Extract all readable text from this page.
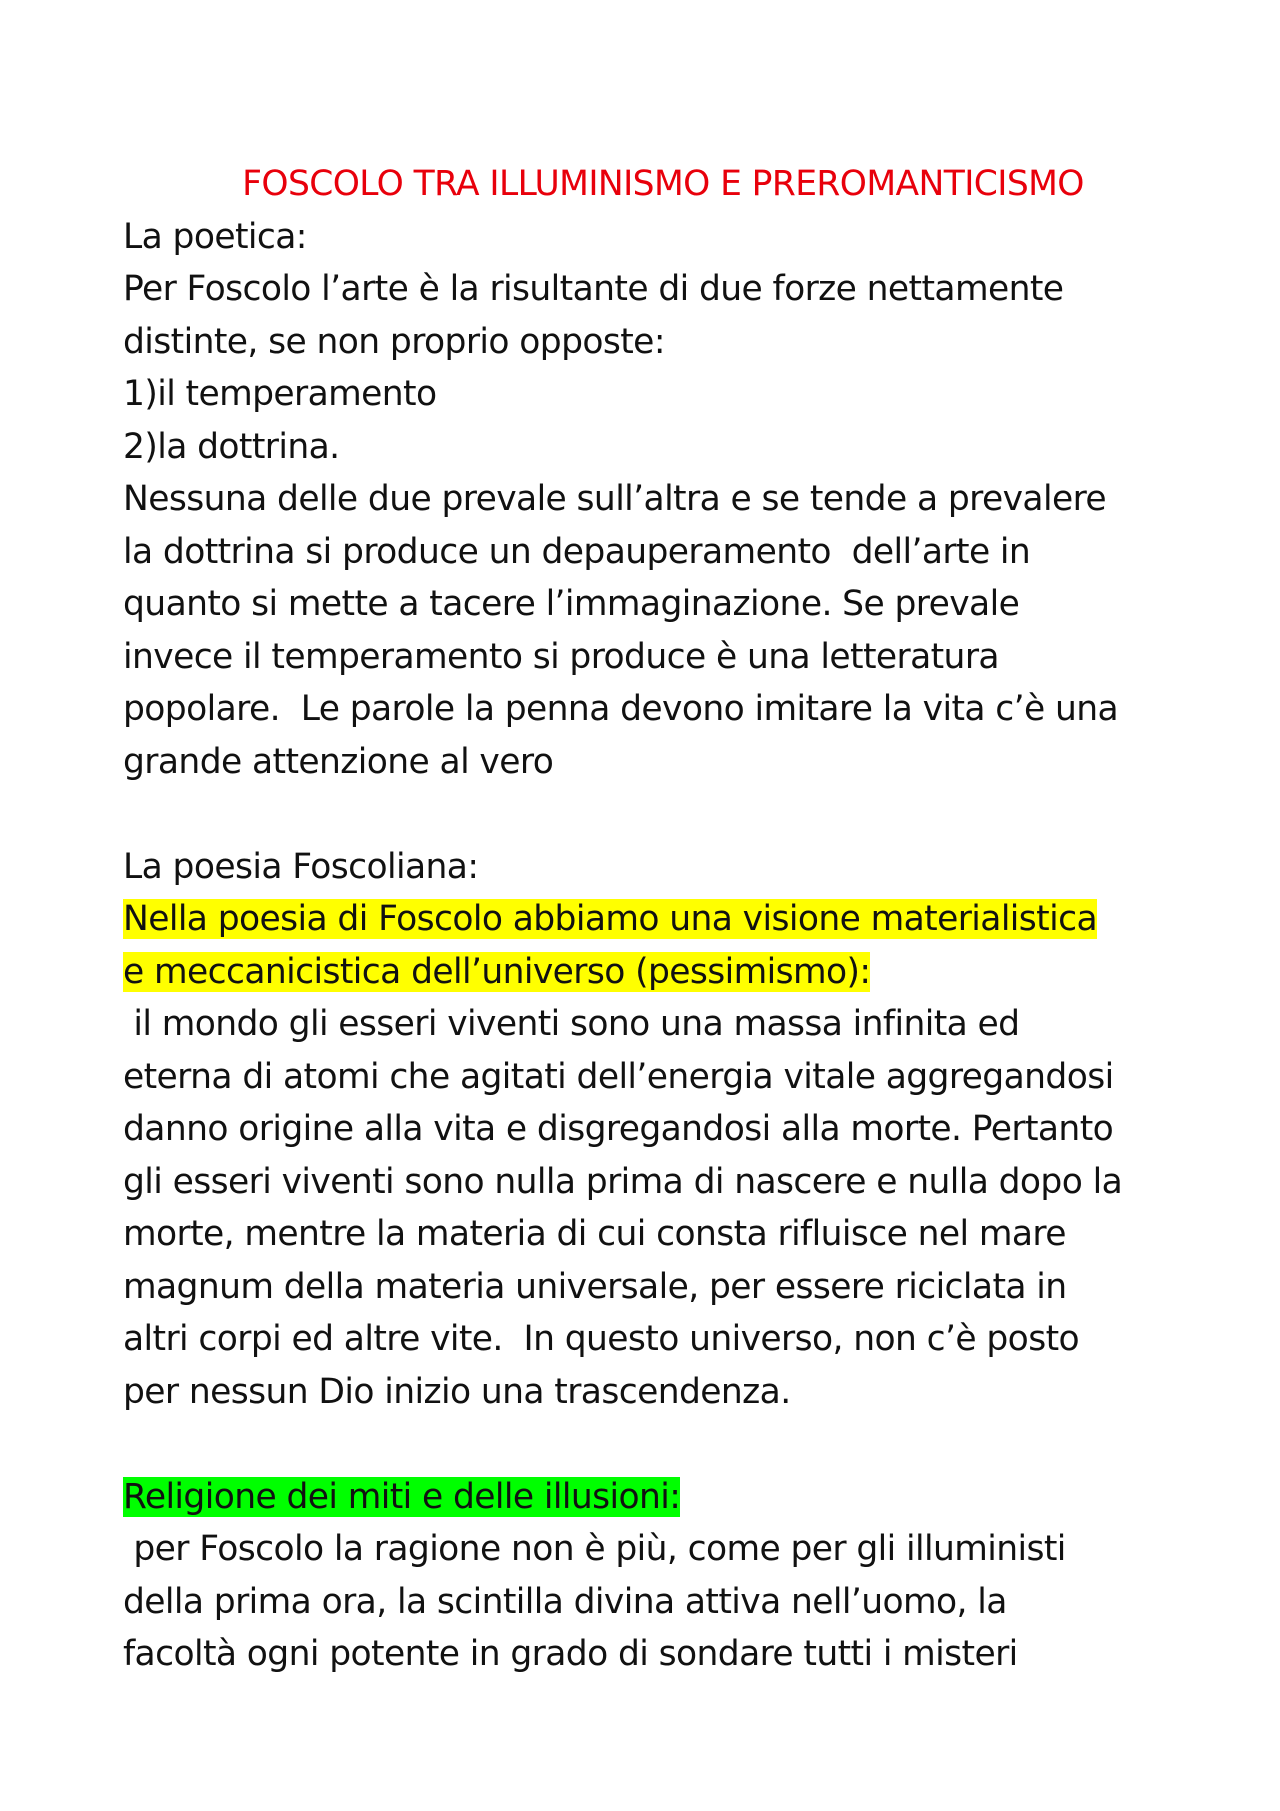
FOSCOLO TRA ILLUMINISMO E PREROMANTICISMO

La poetica:
Per Foscolo l’arte è la risultante di due forze nettamente
distinte, se non proprio opposte:
1)il temperamento
2)la dottrina.
Nessuna delle due prevale sull’altra e se tende a prevalere
la dottrina si produce un depauperamento  dell’arte in
quanto si mette a tacere l’immaginazione. Se prevale
invece il temperamento si produce è una letteratura
popolare.  Le parole la penna devono imitare la vita c’è una
grande attenzione al vero

La poesia Foscoliana:
Nella poesia di Foscolo abbiamo una visione materialistica
e meccanicistica dell’universo (pessimismo):
il mondo gli esseri viventi sono una massa infinita ed
eterna di atomi che agitati dell’energia vitale aggregandosi
danno origine alla vita e disgregandosi alla morte. Pertanto
gli esseri viventi sono nulla prima di nascere e nulla dopo la
morte, mentre la materia di cui consta rifluisce nel mare
magnum della materia universale, per essere riciclata in
altri corpi ed altre vite.  In questo universo, non c’è posto
per nessun Dio inizio una trascendenza.

Religione dei miti e delle illusioni:
per Foscolo la ragione non è più, come per gli illuministi
della prima ora, la scintilla divina attiva nell’uomo, la
facoltà ogni potente in grado di sondare tutti i misteri
